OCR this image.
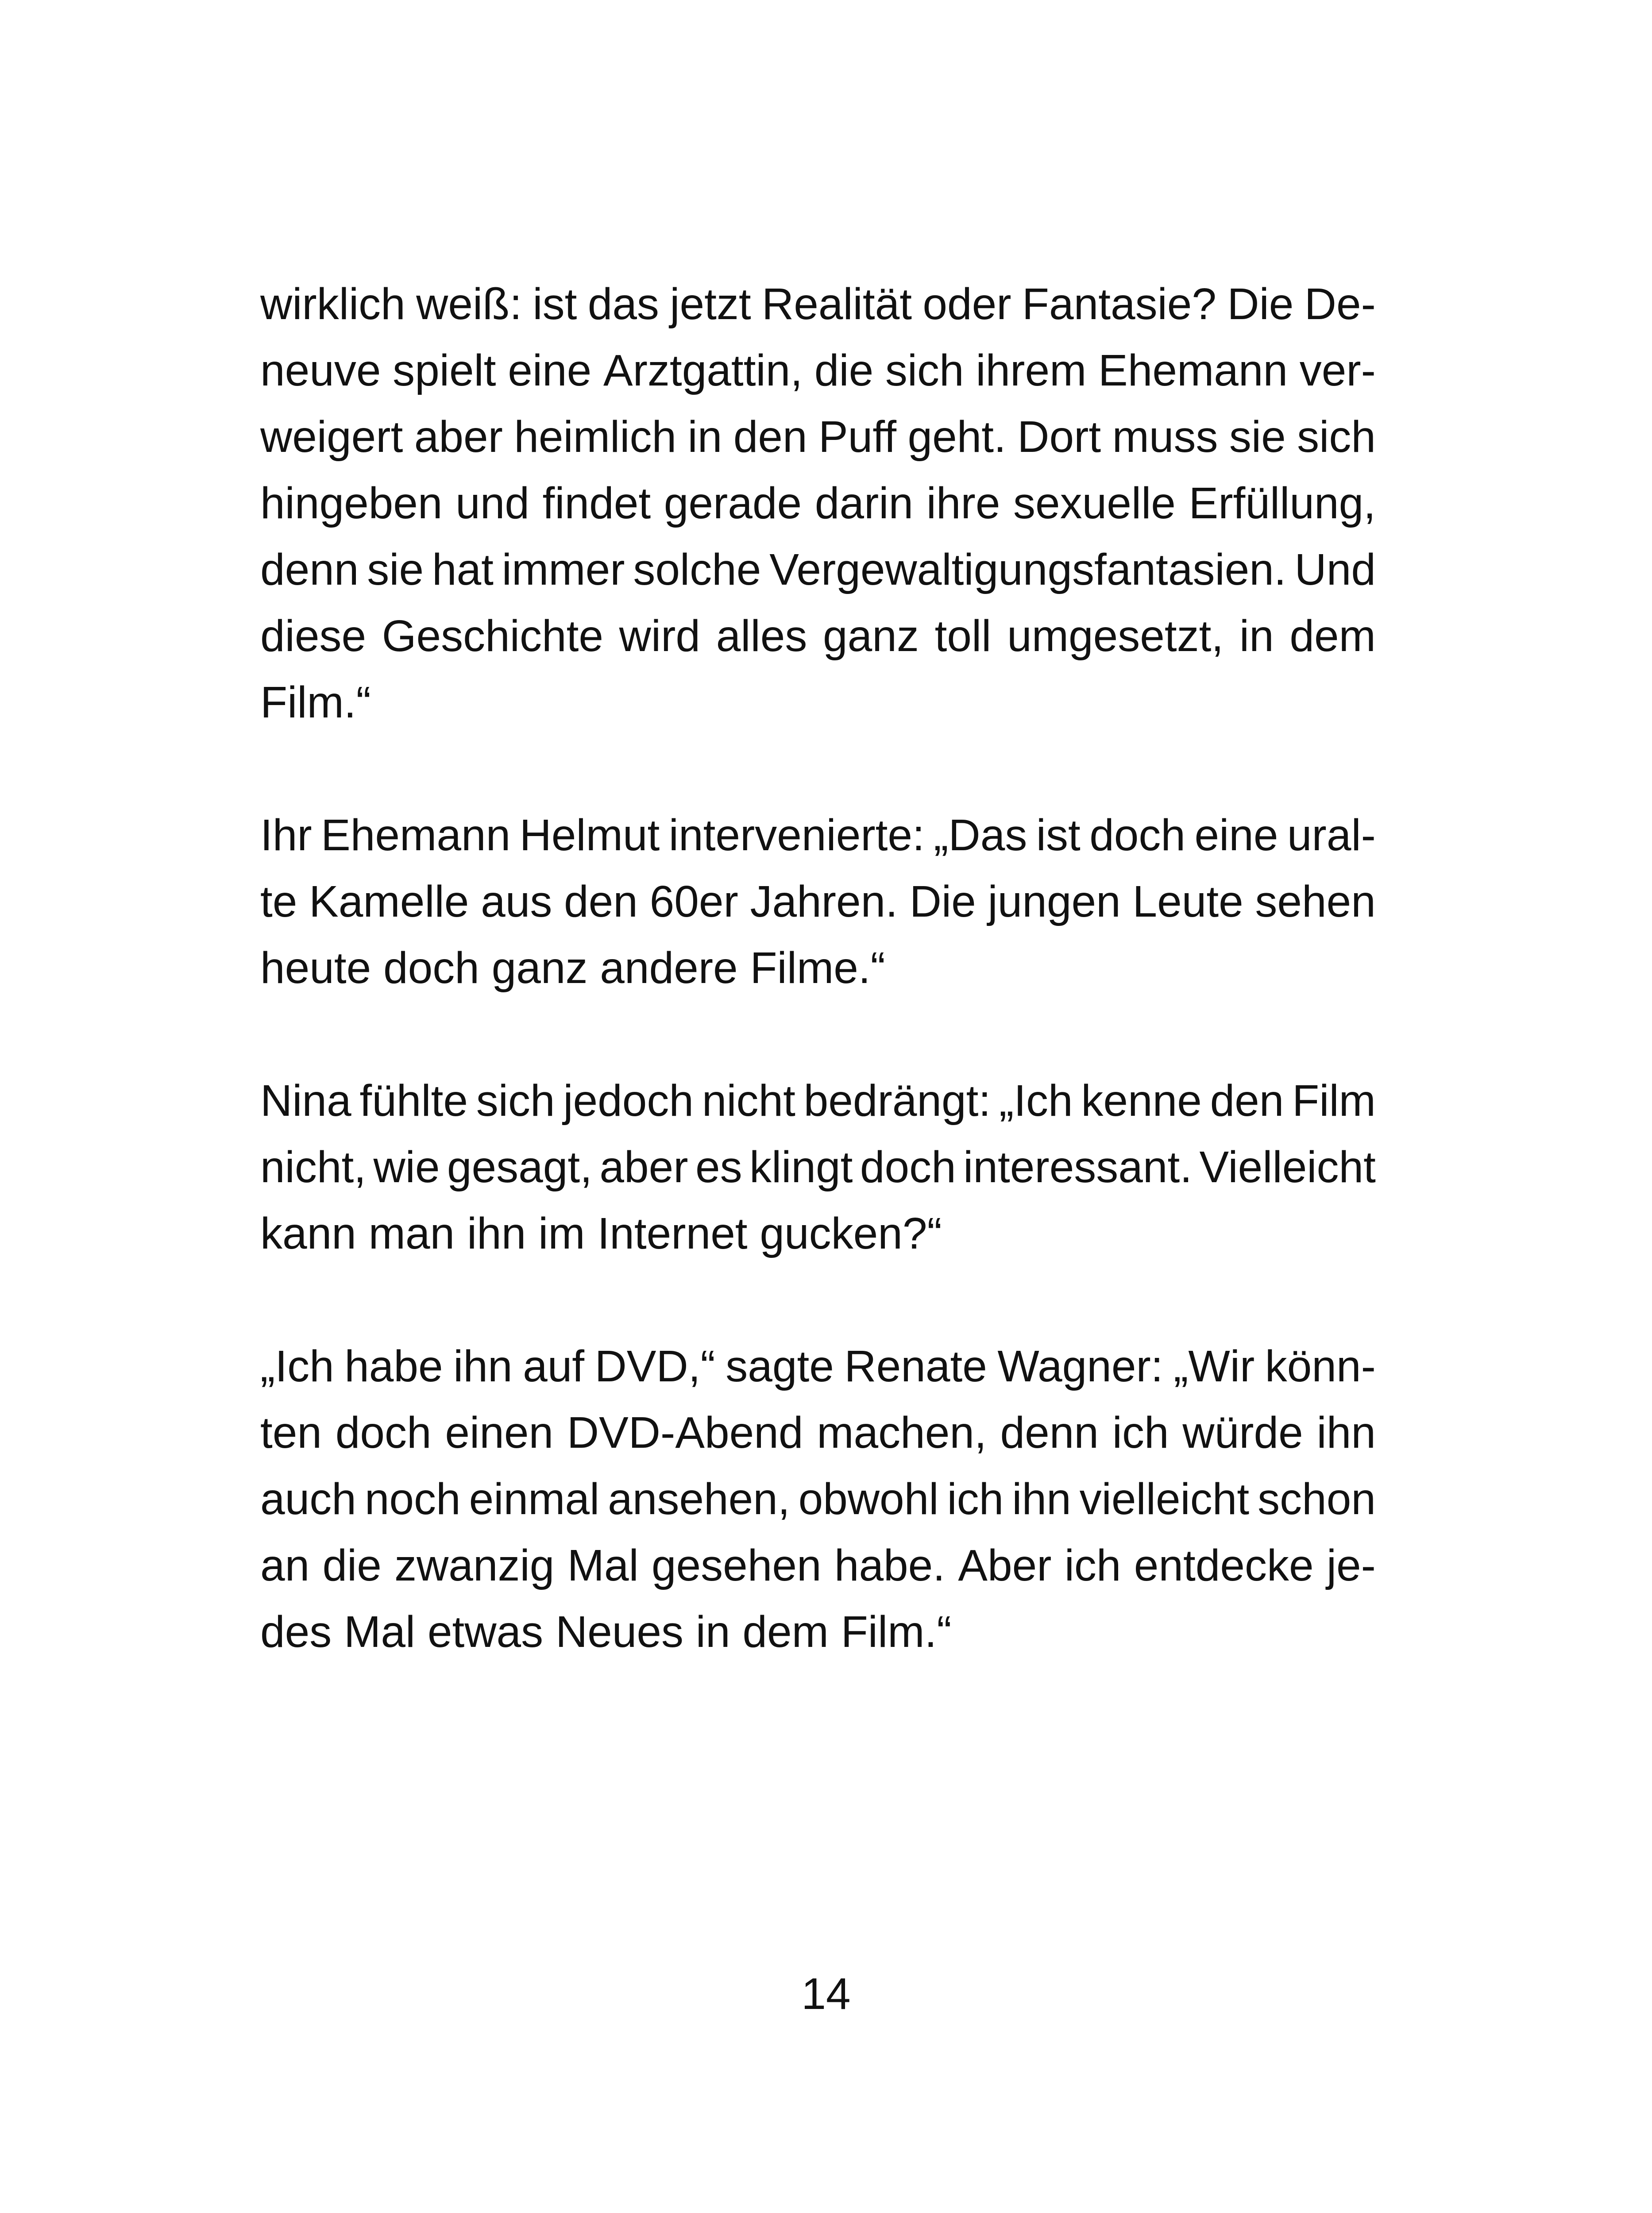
wirklich weiß: ist das jetzt Realität oder Fantasie? Die De-
neuve spielt eine Arztgattin, die sich ihrem Ehemann ver-
weigert aber heimlich in den Puff geht. Dort muss sie sich
hingeben und findet gerade darin ihre sexuelle Erfüllung,
denn sie hat immer solche Vergewaltigungsfantasien. Und
diese Geschichte wird alles ganz toll umgesetzt, in dem
Film.“
Ihr Ehemann Helmut intervenierte: „Das ist doch eine ural-
te Kamelle aus den 60er Jahren. Die jungen Leute sehen
heute doch ganz andere Filme.“
Nina fühlte sich jedoch nicht bedrängt: „Ich kenne den Film
nicht, wie gesagt, aber es klingt doch interessant. Vielleicht
kann man ihn im Internet gucken?“
„Ich habe ihn auf DVD,“ sagte Renate Wagner: „Wir könn-
ten doch einen DVD-Abend machen, denn ich würde ihn
auch noch einmal ansehen, obwohl ich ihn vielleicht schon
an die zwanzig Mal gesehen habe. Aber ich entdecke je-
des Mal etwas Neues in dem Film.“
14
